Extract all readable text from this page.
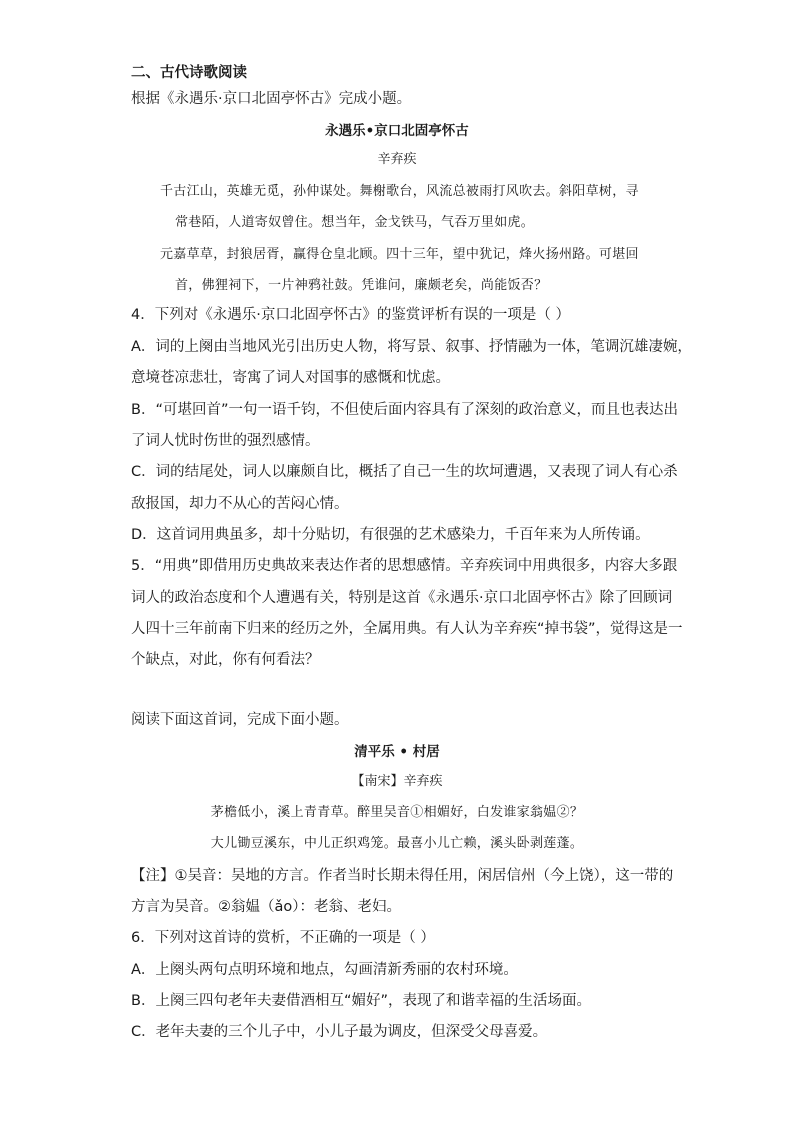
二、古代诗歌阅读
根据《永遇乐·京口北固亭怀古》完成小题。
永遇乐•京口北固亭怀古
辛弃疾
千古江山，英雄无觅，孙仲谋处。舞榭歌台，风流总被雨打风吹去。斜阳草树，寻
常巷陌，人道寄奴曾住。想当年，金戈铁马，气吞万里如虎。
元嘉草草，封狼居胥，赢得仓皇北顾。四十三年，望中犹记，烽火扬州路。可堪回
首，佛狸祠下，一片神鸦社鼓。凭谁问，廉颇老矣，尚能饭否？
4．下列对《永遇乐·京口北固亭怀古》的鉴赏评析有误的一项是（ ）
A．词的上阕由当地风光引出历史人物，将写景、叙事、抒情融为一体，笔调沉雄凄婉，
意境苍凉悲壮，寄寓了词人对国事的感慨和忧虑。
B．“可堪回首”一句一语千钧，不但使后面内容具有了深刻的政治意义，而且也表达出
了词人忧时伤世的强烈感情。
C．词的结尾处，词人以廉颇自比，概括了自己一生的坎坷遭遇，又表现了词人有心杀
敌报国，却力不从心的苦闷心情。
D．这首词用典虽多，却十分贴切，有很强的艺术感染力，千百年来为人所传诵。
5．“用典”即借用历史典故来表达作者的思想感情。辛弃疾词中用典很多，内容大多跟
词人的政治态度和个人遭遇有关，特别是这首《永遇乐·京口北固亭怀古》除了回顾词
人四十三年前南下归来的经历之外，全属用典。有人认为辛弃疾“掉书袋”，觉得这是一
个缺点，对此，你有何看法？
阅读下面这首词，完成下面小题。
清平乐 • 村居
【南宋】辛弃疾
茅檐低小，溪上青青草。醉里吴音①相媚好，白发谁家翁媪②？
大儿锄豆溪东，中儿正织鸡笼。最喜小儿亡赖，溪头卧剥莲蓬。
【注】①吴音：吴地的方言。作者当时长期未得任用，闲居信州（今上饶），这一带的
方言为吴音。②翁媪（ǎo）：老翁、老妇。
6．下列对这首诗的赏析，不正确的一项是（ ）
A．上阕头两句点明环境和地点，勾画清新秀丽的农村环境。
B．上阕三四句老年夫妻借酒相互“媚好”，表现了和谐幸福的生活场面。
C．老年夫妻的三个儿子中，小儿子最为调皮，但深受父母喜爱。
